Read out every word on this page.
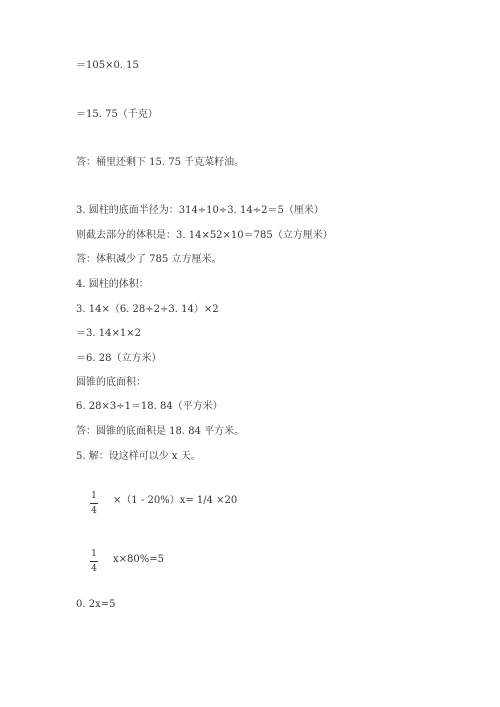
＝105×0. 15
＝15. 75（千克）
答：桶里还剩下 15. 75 千克菜籽油。
3. 圆柱的底面半径为：314÷10÷3. 14÷2＝5（厘米）
则截去部分的体积是：3. 14×52×10＝785（立方厘米）
答：体积减少了 785 立方厘米。
4. 圆柱的体积：
3. 14×（6. 28÷2÷3. 14）×2
＝3. 14×1×2
＝6. 28（立方米）
圆锥的底面积：
6. 28×3÷1＝18. 84（平方米）
答：圆锥的底面积是 18. 84 平方米。
5. 解：设这样可以少 x 天。
1
4
×（1 - 20%）x= 1/4 ×20
1
4
x×80%=5
0. 2x=5
